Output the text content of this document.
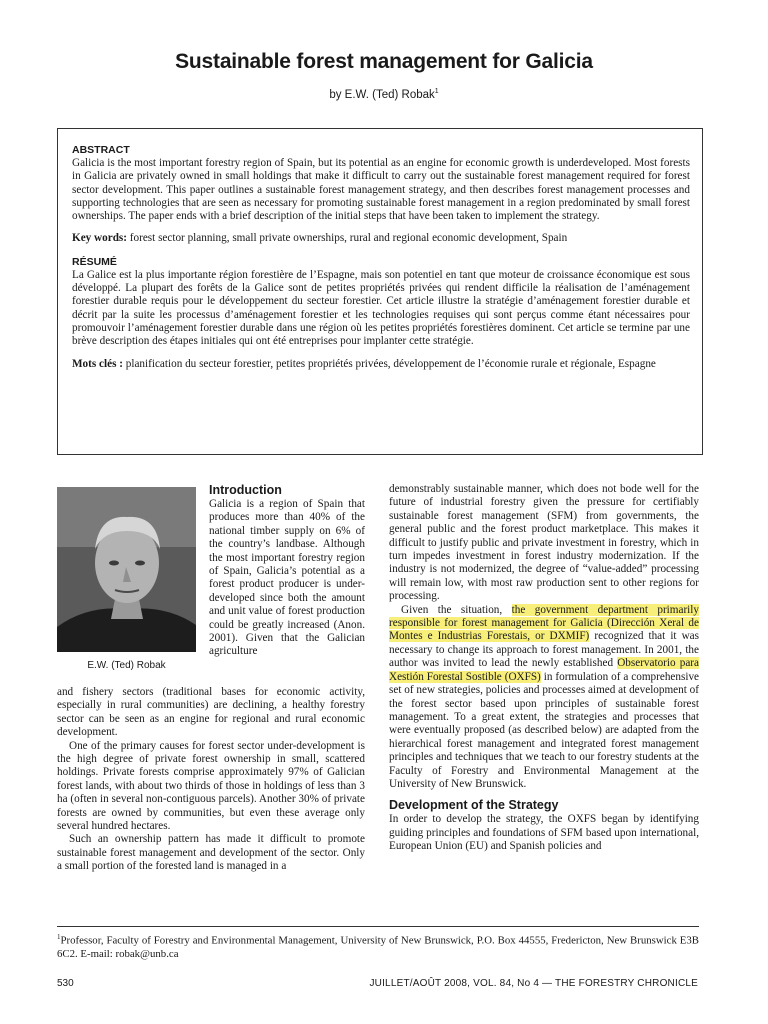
Sustainable forest management for Galicia
by E.W. (Ted) Robak$^1$
ABSTRACT

Galicia is the most important forestry region of Spain, but its potential as an engine for economic growth is underdeveloped. Most forests in Galicia are privately owned in small holdings that make it difficult to carry out the sustainable forest management required for forest sector development. This paper outlines a sustainable forest management strategy, and then describes forest management processes and supporting technologies that are seen as necessary for promoting sustainable forest management in a region predominated by small forest ownerships. The paper ends with a brief description of the initial steps that have been taken to implement the strategy.

Key words: forest sector planning, small private ownerships, rural and regional economic development, Spain

RÉSUMÉ

La Galice est la plus importante région forestière de l’Espagne, mais son potentiel en tant que moteur de croissance économique est sous développé. La plupart des forêts de la Galice sont de petites propriétés privées qui rendent difficile la réalisation de l’aménagement forestier durable requis pour le développement du secteur forestier. Cet article illustre la stratégie d’aménagement forestier durable et décrit par la suite les processus d’aménagement forestier et les technologies requises qui sont perçus comme étant nécessaires pour promouvoir l’aménagement forestier durable dans une région où les petites propriétés forestières dominent. Cet article se termine par une brève description des étapes initiales qui ont été entreprises pour implanter cette stratégie.

Mots clés : planification du secteur forestier, petites propriétés privées, développement de l’économie rurale et régionale, Espagne

E.W. (Ted) Robak
Introduction

Galicia is a region of Spain that produces more than 40% of the national timber supply on 6% of the country’s landbase. Although the most important forestry region of Spain, Galicia’s potential as a forest product producer is under-developed since both the amount and unit value of forest production could be greatly increased (Anon. 2001). Given that the Galician agriculture

and fishery sectors (traditional bases for economic activity, especially in rural communities) are declining, a healthy forestry sector can be seen as an engine for regional and rural economic development.

One of the primary causes for forest sector under-development is the high degree of private forest ownership in small, scattered holdings. Private forests comprise approximately 97% of Galician forest lands, with about two thirds of those in holdings of less than 3 ha (often in several non-contiguous parcels). Another 30% of private forests are owned by communities, but even these average only several hundred hectares.

Such an ownership pattern has made it difficult to promote sustainable forest management and development of the sector. Only a small portion of the forested land is managed in a

demonstrably sustainable manner, which does not bode well for the future of industrial forestry given the pressure for certifiably sustainable forest management (SFM) from governments, the general public and the forest product marketplace. This makes it difficult to justify public and private investment in forestry, which in turn impedes investment in forest industry modernization. If the industry is not modernized, the degree of “value-added” processing will remain low, with most raw production sent to other regions for processing.

Given the situation, the government department primarily responsible for forest management for Galicia (Dirección Xeral de Montes e Industrias Forestais, or DXMIF) recognized that it was necessary to change its approach to forest management. In 2001, the author was invited to lead the newly established Observatorio para Xestión Forestal Sostible (OXFS) in formulation of a comprehensive set of new strategies, policies and processes aimed at development of the forest sector based upon principles of sustainable forest management. To a great extent, the strategies and processes that were eventually proposed (as described below) are adapted from the hierarchical forest management and integrated forest management principles and techniques that we teach to our forestry students at the Faculty of Forestry and Environmental Management at the University of New Brunswick.

Development of the Strategy

In order to develop the strategy, the OXFS began by identifying guiding principles and foundations of SFM based upon international, European Union (EU) and Spanish policies and

$^1$Professor, Faculty of Forestry and Environmental Management, University of New Brunswick, P.O. Box 44555, Fredericton, New Brunswick E3B 6C2. E-mail: robak@unb.ca
530	JUILLET/AOÛT 2008, VOL. 84, No 4 — THE FORESTRY CHRONICLE
